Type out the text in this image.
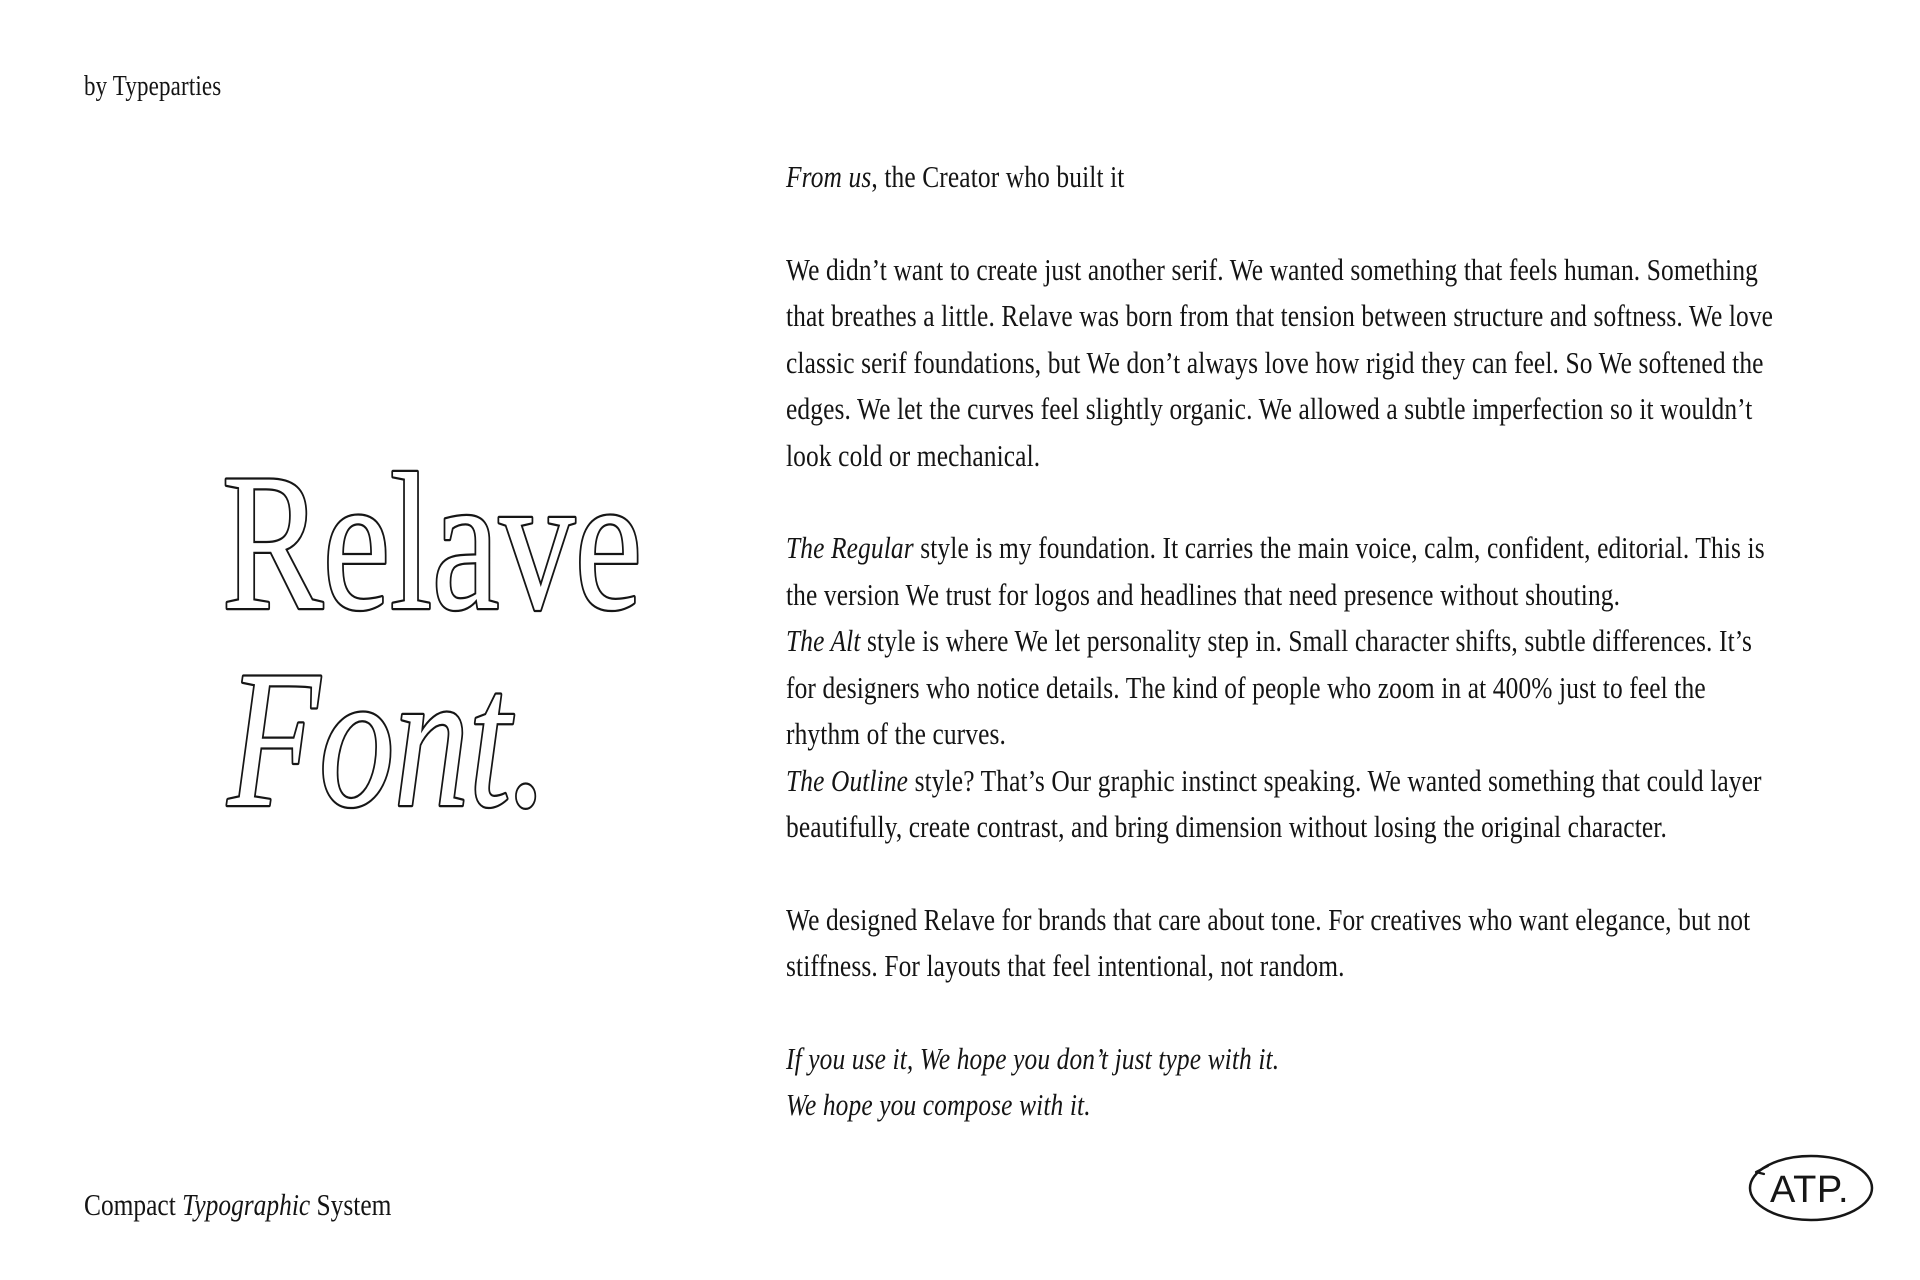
by Typeparties
Relave
Font.

From us, the Creator who built it

We didn’t want to create just another serif. We wanted something that feels human. Something that breathes a little. Relave was born from that tension between structure and softness. We love classic serif foundations, but We don’t always love how rigid they can feel. So We softened the edges. We let the curves feel slightly organic. We allowed a subtle imperfection so it wouldn’t look cold or mechanical.

The Regular style is my foundation. It carries the main voice, calm, confident, editorial. This is the version We trust for logos and headlines that need presence without shouting.

The Alt style is where We let personality step in. Small character shifts, subtle differences. It’s for designers who notice details. The kind of people who zoom in at 400% just to feel the rhythm of the curves.

The Outline style? That’s Our graphic instinct speaking. We wanted something that could layer beautifully, create contrast, and bring dimension without losing the original character.

We designed Relave for brands that care about tone. For creatives who want elegance, but not stiffness. For layouts that feel intentional, not random.

If you use it, We hope you don’t just type with it.

We hope you compose with it.

Compact Typographic System	ATP.
